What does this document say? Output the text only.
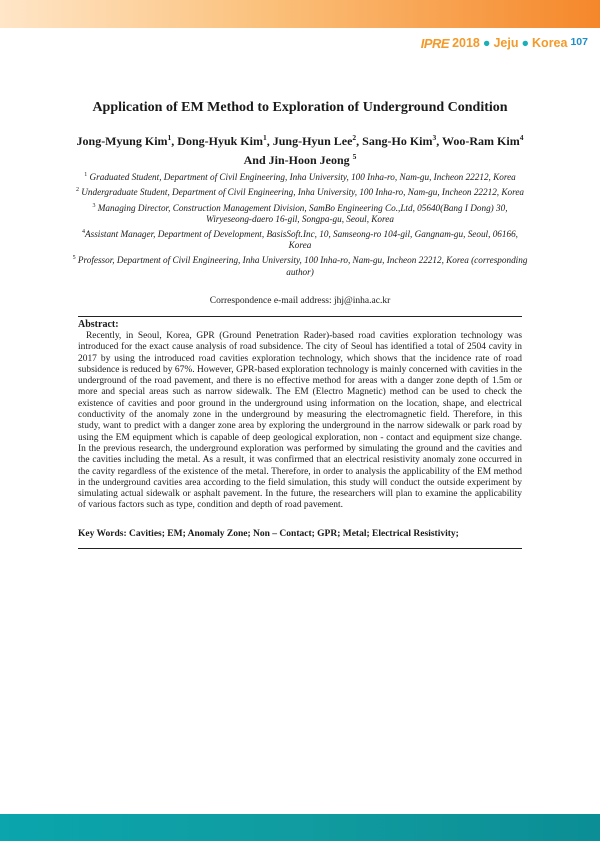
IPRE 2018 ● Jeju ● Korea 107
Application of EM Method to Exploration of Underground Condition
Jong-Myung Kim$^1$, Dong-Hyuk Kim$^1$, Jung-Hyun Lee$^2$, Sang-Ho Kim$^3$, Woo-Ram Kim$^4$
And Jin-Hoon Jeong $^5$
$^1$ Graduated Student, Department of Civil Engineering, Inha University, 100 Inha-ro, Nam-gu, Incheon 22212, Korea
$^2$ Undergraduate Student, Department of Civil Engineering, Inha University, 100 Inha-ro, Nam-gu, Incheon 22212, Korea
$^3$ Managing Director, Construction Management Division, SamBo Engineering Co.,Ltd, 05640(Bang I Dong) 30, Wiryeseong-daero 16-gil, Songpa-gu, Seoul, Korea
$^4$Assistant Manager, Department of Development, BasisSoft.Inc, 10, Samseong-ro 104-gil, Gangnam-gu, Seoul, 06166, Korea
$^5$ Professor, Department of Civil Engineering, Inha University, 100 Inha-ro, Nam-gu, Incheon 22212, Korea (corresponding author)
Correspondence e-mail address: jhj@inha.ac.kr
Abstract:
Recently, in Seoul, Korea, GPR (Ground Penetration Rader)-based road cavities exploration technology was introduced for the exact cause analysis of road subsidence. The city of Seoul has identified a total of 2504 cavity in 2017 by using the introduced road cavities exploration technology, which shows that the incidence rate of road subsidence is reduced by 67%. However, GPR-based exploration technology is mainly concerned with cavities in the underground of the road pavement, and there is no effective method for areas with a danger zone depth of 1.5m or more and special areas such as narrow sidewalk. The EM (Electro Magnetic) method can be used to check the existence of cavities and poor ground in the underground using information on the location, shape, and electrical conductivity of the anomaly zone in the underground by measuring the electromagnetic field. Therefore, in this study, want to predict with a danger zone area by exploring the underground in the narrow sidewalk or park road by using the EM equipment which is capable of deep geological exploration, non - contact and equipment size change. In the previous research, the underground exploration was performed by simulating the ground and the cavities and the cavities including the metal. As a result, it was confirmed that an electrical resistivity anomaly zone occurred in the cavity regardless of the existence of the metal. Therefore, in order to analysis the applicability of the EM method in the underground cavities area according to the field simulation, this study will conduct the outside experiment by simulating actual sidewalk or asphalt pavement. In the future, the researchers will plan to examine the applicability of various factors such as type, condition and depth of road pavement.
Key Words: Cavities; EM; Anomaly Zone; Non – Contact; GPR; Metal; Electrical Resistivity;
